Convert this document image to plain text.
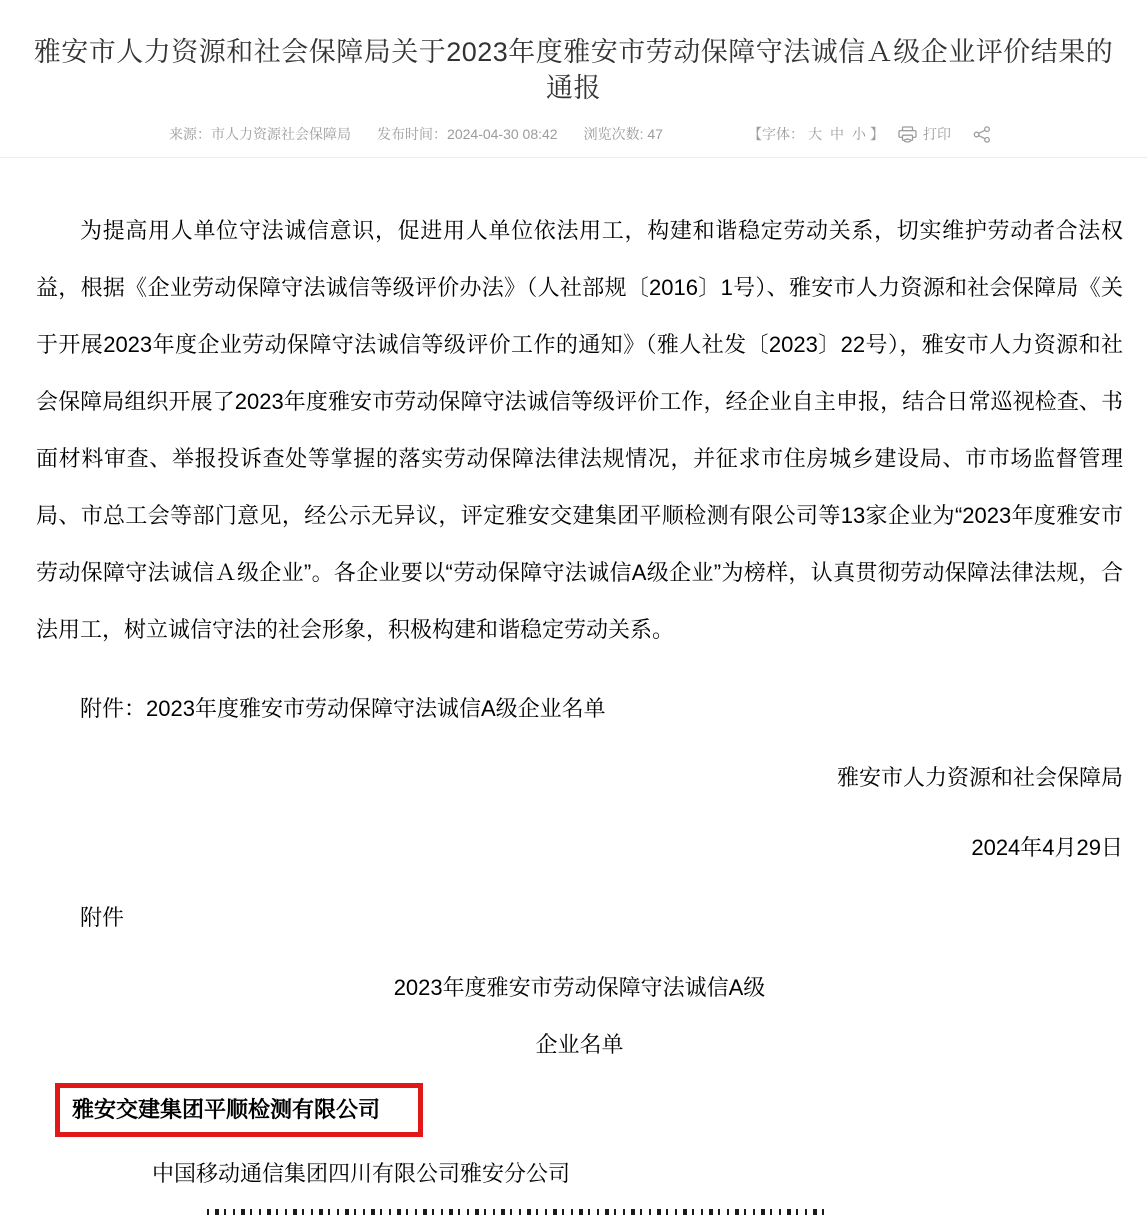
雅安市人力资源和社会保障局关于2023年度雅安市劳动保障守法诚信Ａ级企业评价结果的通报
来源：市人力资源社会保障局 发布时间：2024-04-30 08:42 浏览次数: 47	【字体： 大 中 小 】	打印

为提高用人单位守法诚信意识，促进用人单位依法用工，构建和谐稳定劳动关系，切实维护劳动者合法权益，根据《企业劳动保障守法诚信等级评价办法》（人社部规〔2016〕1号）、雅安市人力资源和社会保障局《关于开展2023年度企业劳动保障守法诚信等级评价工作的通知》（雅人社发〔2023〕22号），雅安市人力资源和社会保障局组织开展了2023年度雅安市劳动保障守法诚信等级评价工作，经企业自主申报，结合日常巡视检查、书面材料审查、举报投诉查处等掌握的落实劳动保障法律法规情况，并征求市住房城乡建设局、市市场监督管理局、市总工会等部门意见，经公示无异议，评定雅安交建集团平顺检测有限公司等13家企业为“2023年度雅安市劳动保障守法诚信Ａ级企业”。各企业要以“劳动保障守法诚信A级企业”为榜样，认真贯彻劳动保障法律法规，合法用工，树立诚信守法的社会形象，积极构建和谐稳定劳动关系。

附件：2023年度雅安市劳动保障守法诚信A级企业名单
雅安市人力资源和社会保障局
2024年4月29日
附件
2023年度雅安市劳动保障守法诚信A级
企业名单
雅安交建集团平顺检测有限公司
中国移动通信集团四川有限公司雅安分公司
